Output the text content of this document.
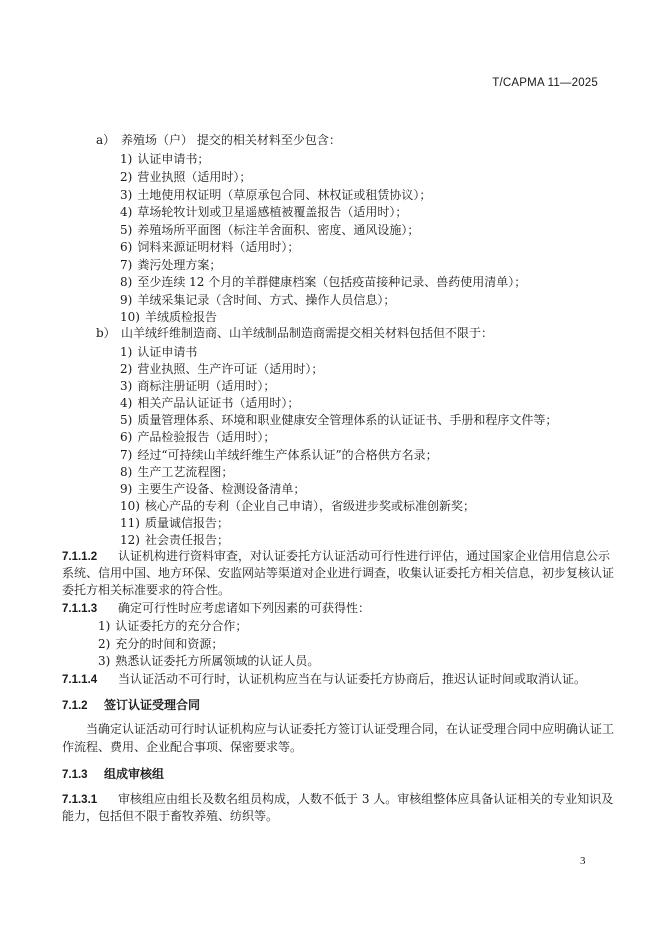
T/CAPMA 11—2025
a） 养殖场（户） 提交的相关材料至少包含：
1) 认证申请书；
2) 营业执照（适用时）；
3) 土地使用权证明（草原承包合同、林权证或租赁协议）；
4) 草场轮牧计划或卫星遥感植被覆盖报告（适用时）；
5) 养殖场所平面图（标注羊舍面积、密度、通风设施）；
6) 饲料来源证明材料（适用时）；
7) 粪污处理方案；
8) 至少连续 12 个月的羊群健康档案（包括疫苗接种记录、兽药使用清单）；
9) 羊绒采集记录（含时间、方式、操作人员信息）；
10) 羊绒质检报告
b） 山羊绒纤维制造商、山羊绒制品制造商需提交相关材料包括但不限于：
1) 认证申请书
2) 营业执照、生产许可证（适用时）；
3) 商标注册证明（适用时）；
4) 相关产品认证证书（适用时）；
5) 质量管理体系、环境和职业健康安全管理体系的认证证书、手册和程序文件等；
6) 产品检验报告（适用时）；
7) 经过“可持续山羊绒纤维生产体系认证”的合格供方名录；
8) 生产工艺流程图；
9) 主要生产设备、检测设备清单；
10) 核心产品的专利（企业自己申请），省级进步奖或标准创新奖；
11) 质量诚信报告；
12) 社会责任报告；
7.1.1.2 认证机构进行资料审查，对认证委托方认证活动可行性进行评估，通过国家企业信用信息公示
系统、信用中国、地方环保、安监网站等渠道对企业进行调查，收集认证委托方相关信息，初步复核认证
委托方相关标准要求的符合性。
7.1.1.3 确定可行性时应考虑诸如下列因素的可获得性：
1) 认证委托方的充分合作；
2) 充分的时间和资源；
3) 熟悉认证委托方所属领域的认证人员。
7.1.1.4 当认证活动不可行时，认证机构应当在与认证委托方协商后，推迟认证时间或取消认证。
7.1.2 签订认证受理合同
当确定认证活动可行时认证机构应与认证委托方签订认证受理合同，在认证受理合同中应明确认证工
作流程、费用、企业配合事项、保密要求等。
7.1.3 组成审核组
7.1.3.1 审核组应由组长及数名组员构成，人数不低于 3 人。审核组整体应具备认证相关的专业知识及
能力，包括但不限于畜牧养殖、纺织等。
3
